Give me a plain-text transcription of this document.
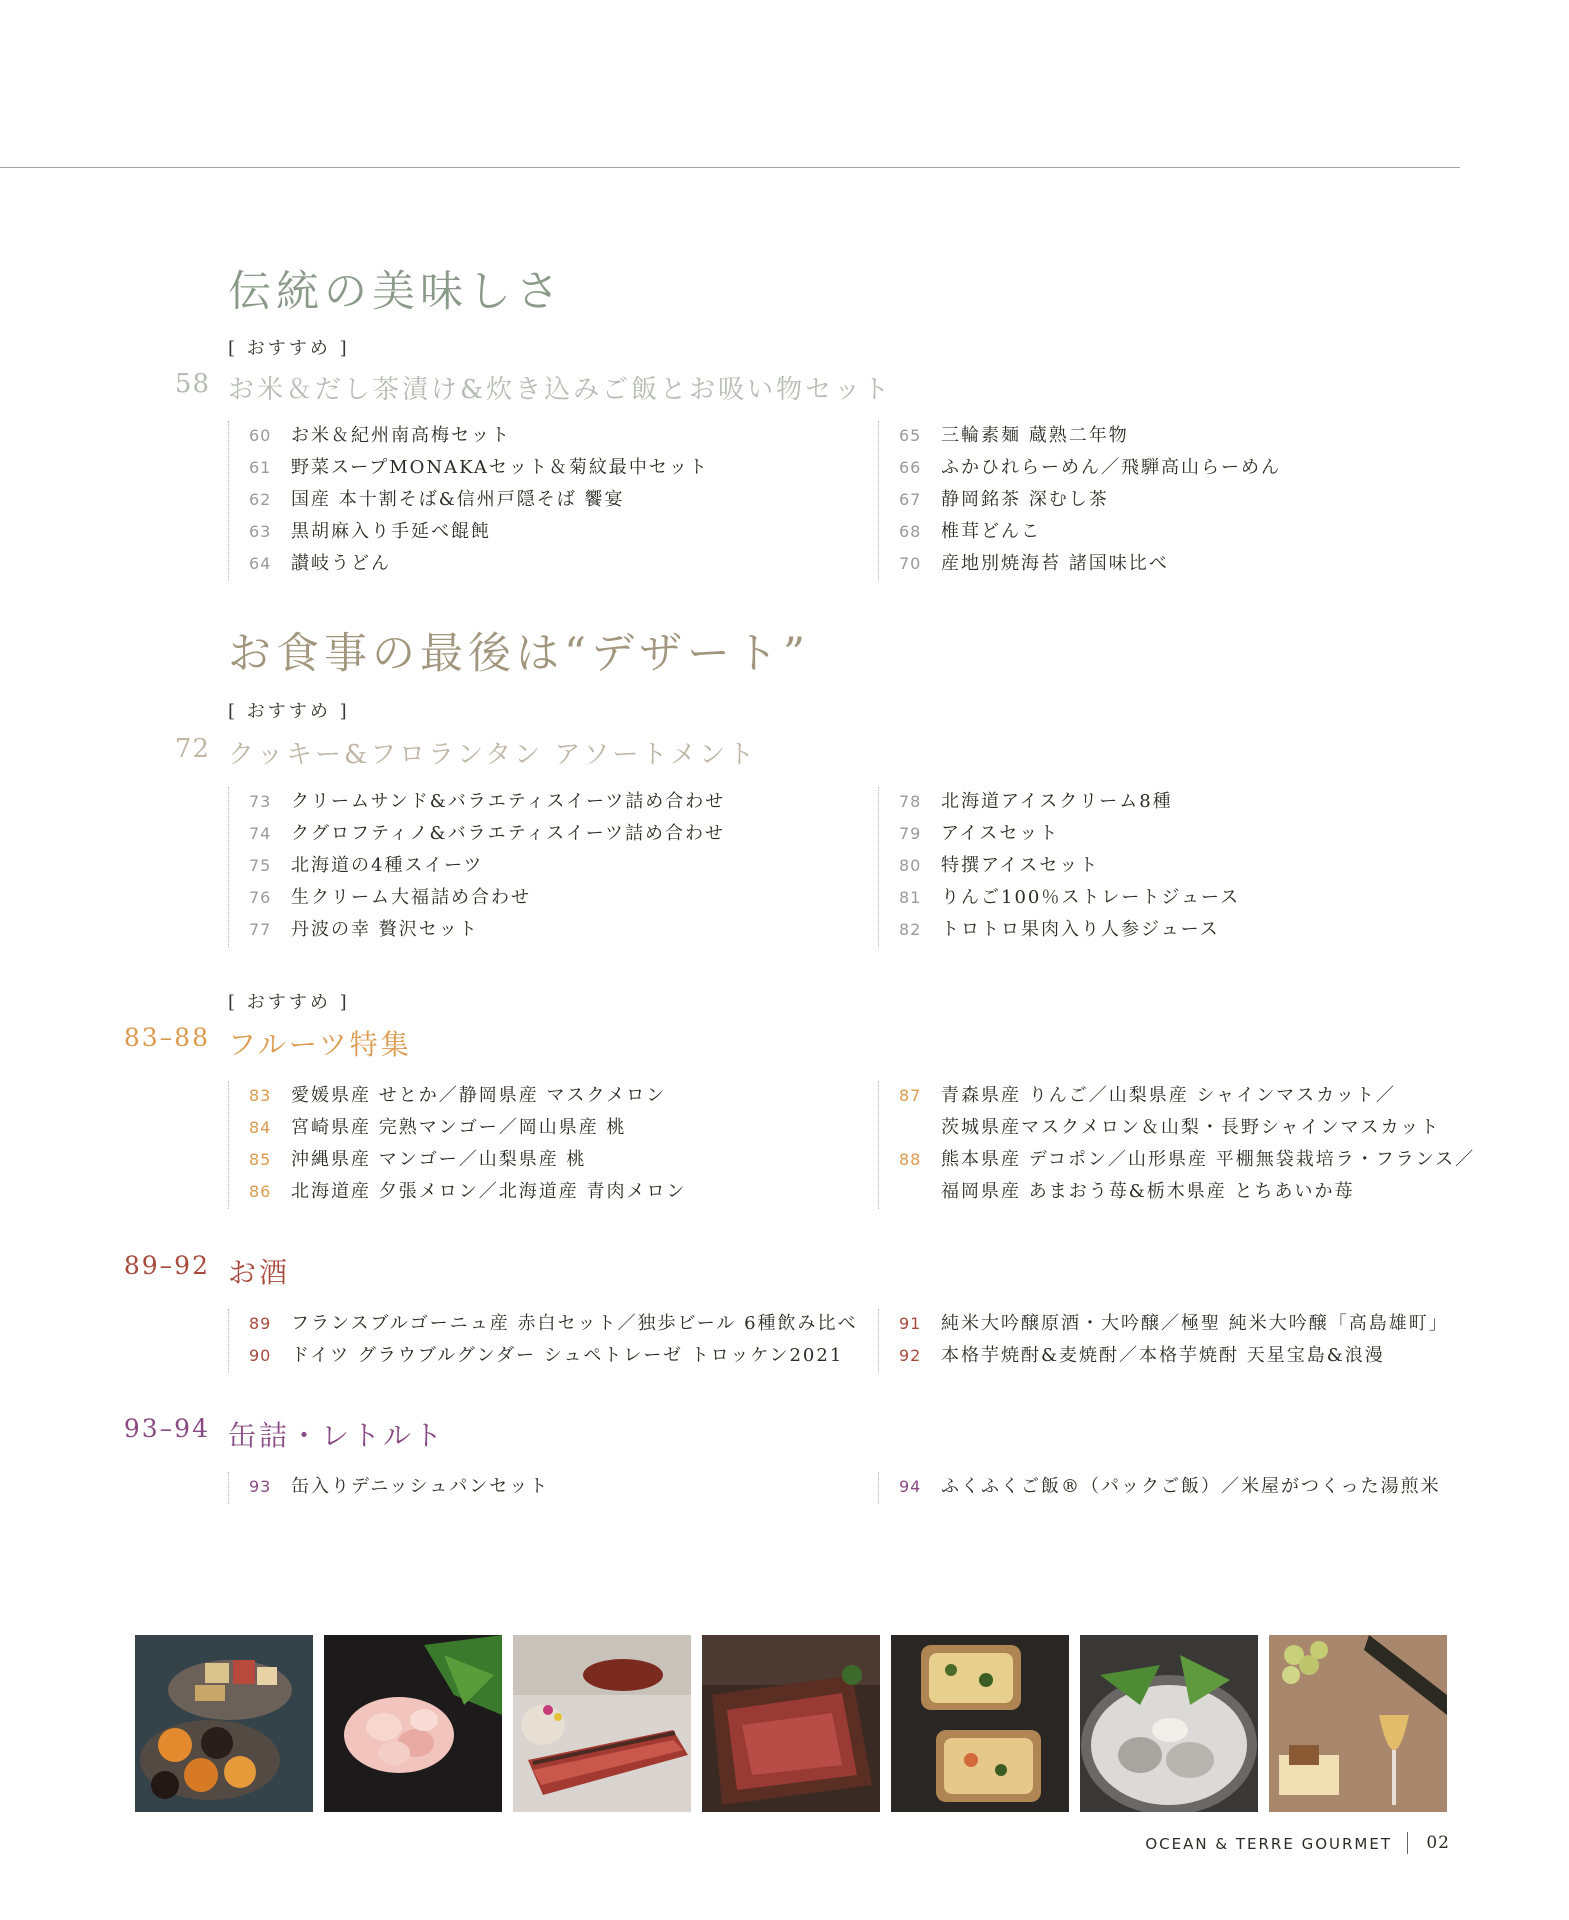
伝統の美味しさ
[ おすすめ ]
58 お米＆だし茶漬け&炊き込みご飯とお吸い物セット
60	お米＆紀州南高梅セット
61	野菜スープMONAKAセット＆菊紋最中セット
62	国産 本十割そば&信州戸隠そば 饗宴
63	黒胡麻入り手延べ餛飩
64	讃岐うどん
65	三輪素麺 蔵熟二年物
66	ふかひれらーめん／飛騨高山らーめん
67	静岡銘茶 深むし茶
68	椎茸どんこ
70	産地別焼海苔 諸国味比べ
お食事の最後は“デザート”
[ おすすめ ]
72 クッキー&フロランタン アソートメント
73	クリームサンド&バラエティスイーツ詰め合わせ
74	クグロフティノ&バラエティスイーツ詰め合わせ
75	北海道の4種スイーツ
76	生クリーム大福詰め合わせ
77	丹波の幸 贅沢セット
78	北海道アイスクリーム8種
79	アイスセット
80	特撰アイスセット
81	りんご100％ストレートジュース
82	トロトロ果肉入り人参ジュース
[ おすすめ ]
83–88 フルーツ特集
83	愛媛県産 せとか／静岡県産 マスクメロン
84	宮崎県産 完熟マンゴー／岡山県産 桃
85	沖縄県産 マンゴー／山梨県産 桃
86	北海道産 夕張メロン／北海道産 青肉メロン
87	青森県産 りんご／山梨県産 シャインマスカット／
茨城県産マスクメロン＆山梨・長野シャインマスカット
88	熊本県産 デコポン／山形県産 平棚無袋栽培ラ・フランス／
福岡県産 あまおう苺&栃木県産 とちあいか苺
89–92 お酒
89	フランスブルゴーニュ産 赤白セット／独歩ビール 6種飲み比べ
90	ドイツ グラウブルグンダー シュペトレーゼ トロッケン2021
91	純米大吟醸原酒・大吟醸／極聖 純米大吟醸「高島雄町」
92	本格芋焼酎&麦焼酎／本格芋焼酎 天星宝島&浪漫
93–94 缶詰・レトルト
93	缶入りデニッシュパンセット	94	ふくふくご飯®（パックご飯）／米屋がつくった湯煎米
OCEAN & TERRE GOURMET 02
